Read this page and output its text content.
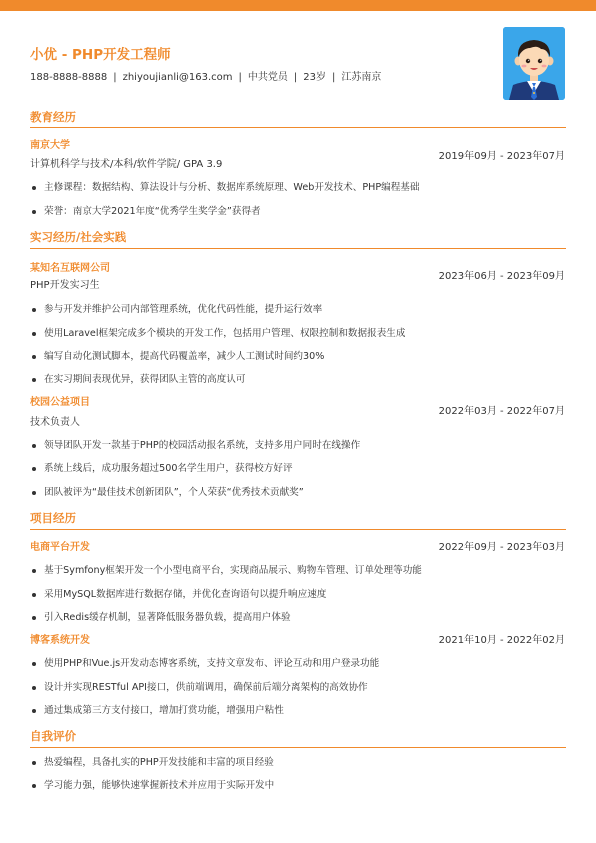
小优 - PHP开发工程师
188-8888-8888 | zhiyoujianli@163.com | 中共党员 | 23岁 | 江苏南京
教育经历
南京大学
2019年09月 - 2023年07月
计算机科学与技术/本科/软件学院/ GPA 3.9
主修课程：数据结构、算法设计与分析、数据库系统原理、Web开发技术、PHP编程基础
荣誉：南京大学2021年度“优秀学生奖学金”获得者
实习经历/社会实践
某知名互联网公司
2023年06月 - 2023年09月
PHP开发实习生
参与开发并维护公司内部管理系统，优化代码性能，提升运行效率
使用Laravel框架完成多个模块的开发工作，包括用户管理、权限控制和数据报表生成
编写自动化测试脚本，提高代码覆盖率，减少人工测试时间约30%
在实习期间表现优异，获得团队主管的高度认可
校园公益项目
2022年03月 - 2022年07月
技术负责人
领导团队开发一款基于PHP的校园活动报名系统，支持多用户同时在线操作
系统上线后，成功服务超过500名学生用户，获得校方好评
团队被评为“最佳技术创新团队”，个人荣获“优秀技术贡献奖”
项目经历
电商平台开发	2022年09月 - 2023年03月
基于Symfony框架开发一个小型电商平台，实现商品展示、购物车管理、订单处理等功能
采用MySQL数据库进行数据存储，并优化查询语句以提升响应速度
引入Redis缓存机制，显著降低服务器负载，提高用户体验
博客系统开发	2021年10月 - 2022年02月
使用PHP和Vue.js开发动态博客系统，支持文章发布、评论互动和用户登录功能
设计并实现RESTful API接口，供前端调用，确保前后端分离架构的高效协作
通过集成第三方支付接口，增加打赏功能，增强用户粘性
自我评价
热爱编程，具备扎实的PHP开发技能和丰富的项目经验
学习能力强，能够快速掌握新技术并应用于实际开发中
